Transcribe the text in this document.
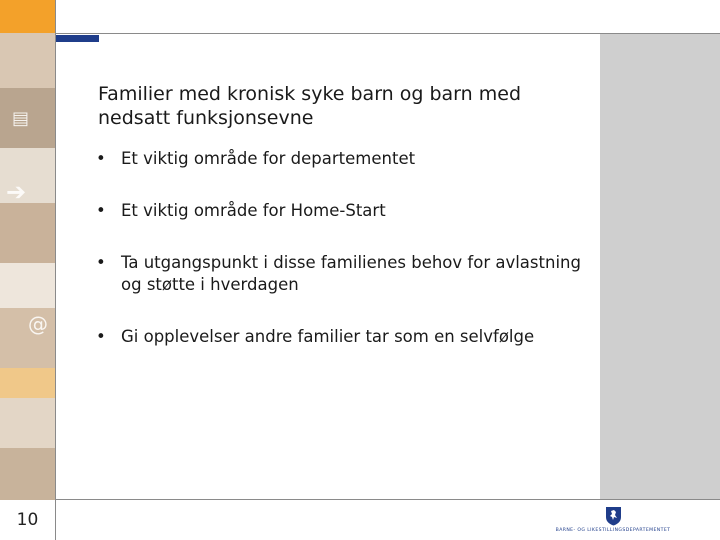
▤
➔
@
10
Familier med kronisk syke barn og barn med nedsatt funksjonsevne
• Et viktig område for departementet
• Et viktig område for Home-Start
• Ta utgangspunkt i disse familienes behov for avlastning og støtte i hverdagen
• Gi opplevelser andre familier tar som en selvfølge
BARNE- OG LIKESTILLINGSDEPARTEMENTET
